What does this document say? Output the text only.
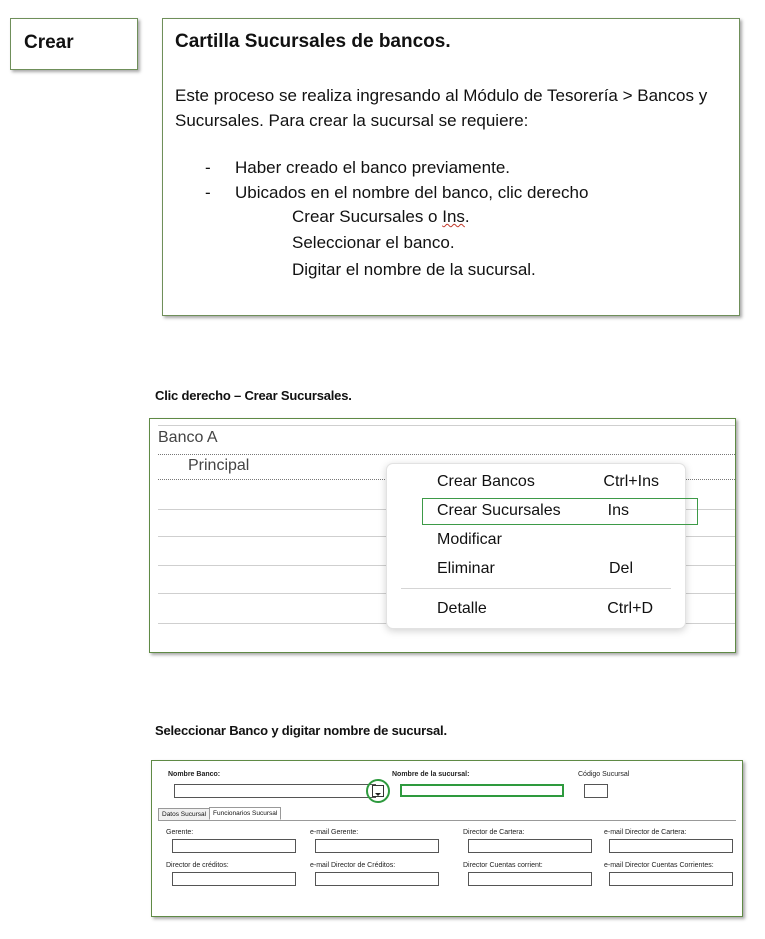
Crear	Cartilla Sucursales de bancos.
Este proceso se realiza ingresando al Módulo de Tesorería > Bancos y Sucursales. Para crear la sucursal se requiere:
- Haber creado el banco previamente.
- Ubicados en el nombre del banco, clic derecho
Crear Sucursales o Ins.
Seleccionar el banco.
Digitar el nombre de la sucursal.
Clic derecho – Crear Sucursales.
Banco A
Principal
Crear Bancos	Ctrl+Ins
Crear Sucursales	Ins
Modificar
Eliminar	Del
Detalle	Ctrl+D
Seleccionar Banco y digitar nombre de sucursal.
Nombre Banco:	Nombre de la sucursal:	Código Sucursal
Datos Sucursal	Funcionarios Sucursal
Gerente:	e-mail Gerente:	Director de Cartera:	e-mail Director de Cartera:
Director de créditos:	e-mail Director de Créditos:	Director Cuentas corrient:	e-mail Director Cuentas Corrientes:
